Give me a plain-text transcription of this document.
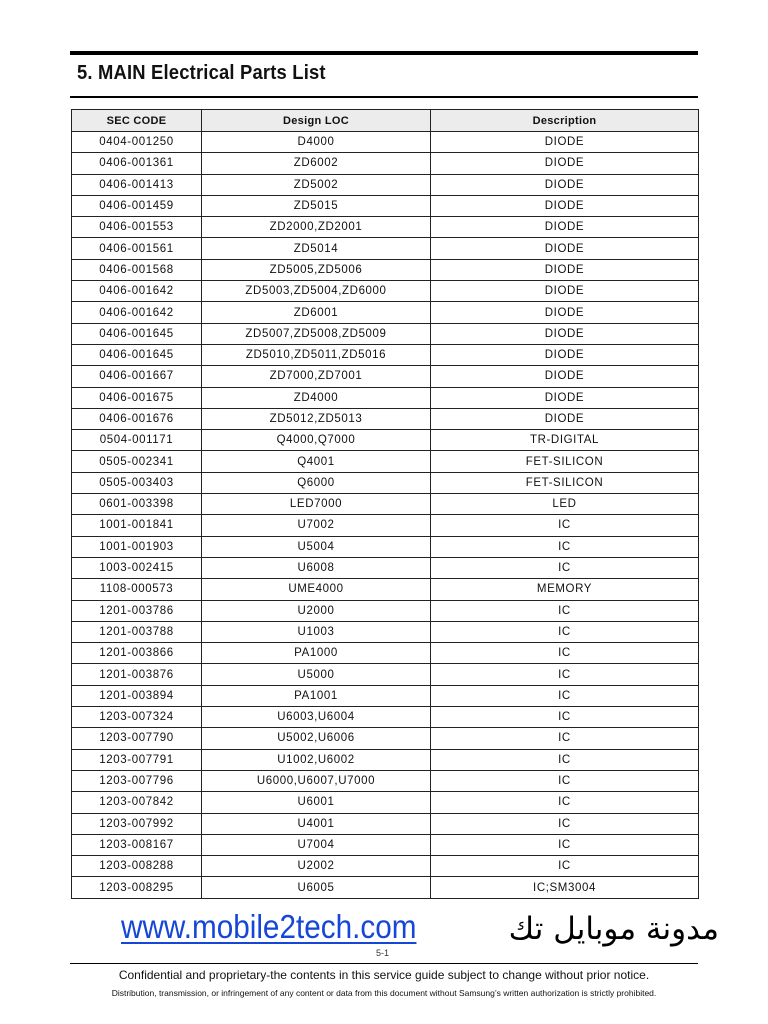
5. MAIN Electrical Parts List
SEC CODE	Design LOC	Description
0404-001250	D4000	DIODE
0406-001361	ZD6002	DIODE
0406-001413	ZD5002	DIODE
0406-001459	ZD5015	DIODE
0406-001553	ZD2000,ZD2001	DIODE
0406-001561	ZD5014	DIODE
0406-001568	ZD5005,ZD5006	DIODE
0406-001642	ZD5003,ZD5004,ZD6000	DIODE
0406-001642	ZD6001	DIODE
0406-001645	ZD5007,ZD5008,ZD5009	DIODE
0406-001645	ZD5010,ZD5011,ZD5016	DIODE
0406-001667	ZD7000,ZD7001	DIODE
0406-001675	ZD4000	DIODE
0406-001676	ZD5012,ZD5013	DIODE
0504-001171	Q4000,Q7000	TR-DIGITAL
0505-002341	Q4001	FET-SILICON
0505-003403	Q6000	FET-SILICON
0601-003398	LED7000	LED
1001-001841	U7002	IC
1001-001903	U5004	IC
1003-002415	U6008	IC
1108-000573	UME4000	MEMORY
1201-003786	U2000	IC
1201-003788	U1003	IC
1201-003866	PA1000	IC
1201-003876	U5000	IC
1201-003894	PA1001	IC
1203-007324	U6003,U6004	IC
1203-007790	U5002,U6006	IC
1203-007791	U1002,U6002	IC
1203-007796	U6000,U6007,U7000	IC
1203-007842	U6001	IC
1203-007992	U4001	IC
1203-008167	U7004	IC
1203-008288	U2002	IC
1203-008295	U6005	IC;SM3004
www.mobile2tech.com	مدونة موبايل تك
5-1
Confidential and proprietary-the contents in this service guide subject to change without prior notice.
Distribution, transmission, or infringement of any content or data from this document without Samsung’s written authorization is strictly prohibited.
